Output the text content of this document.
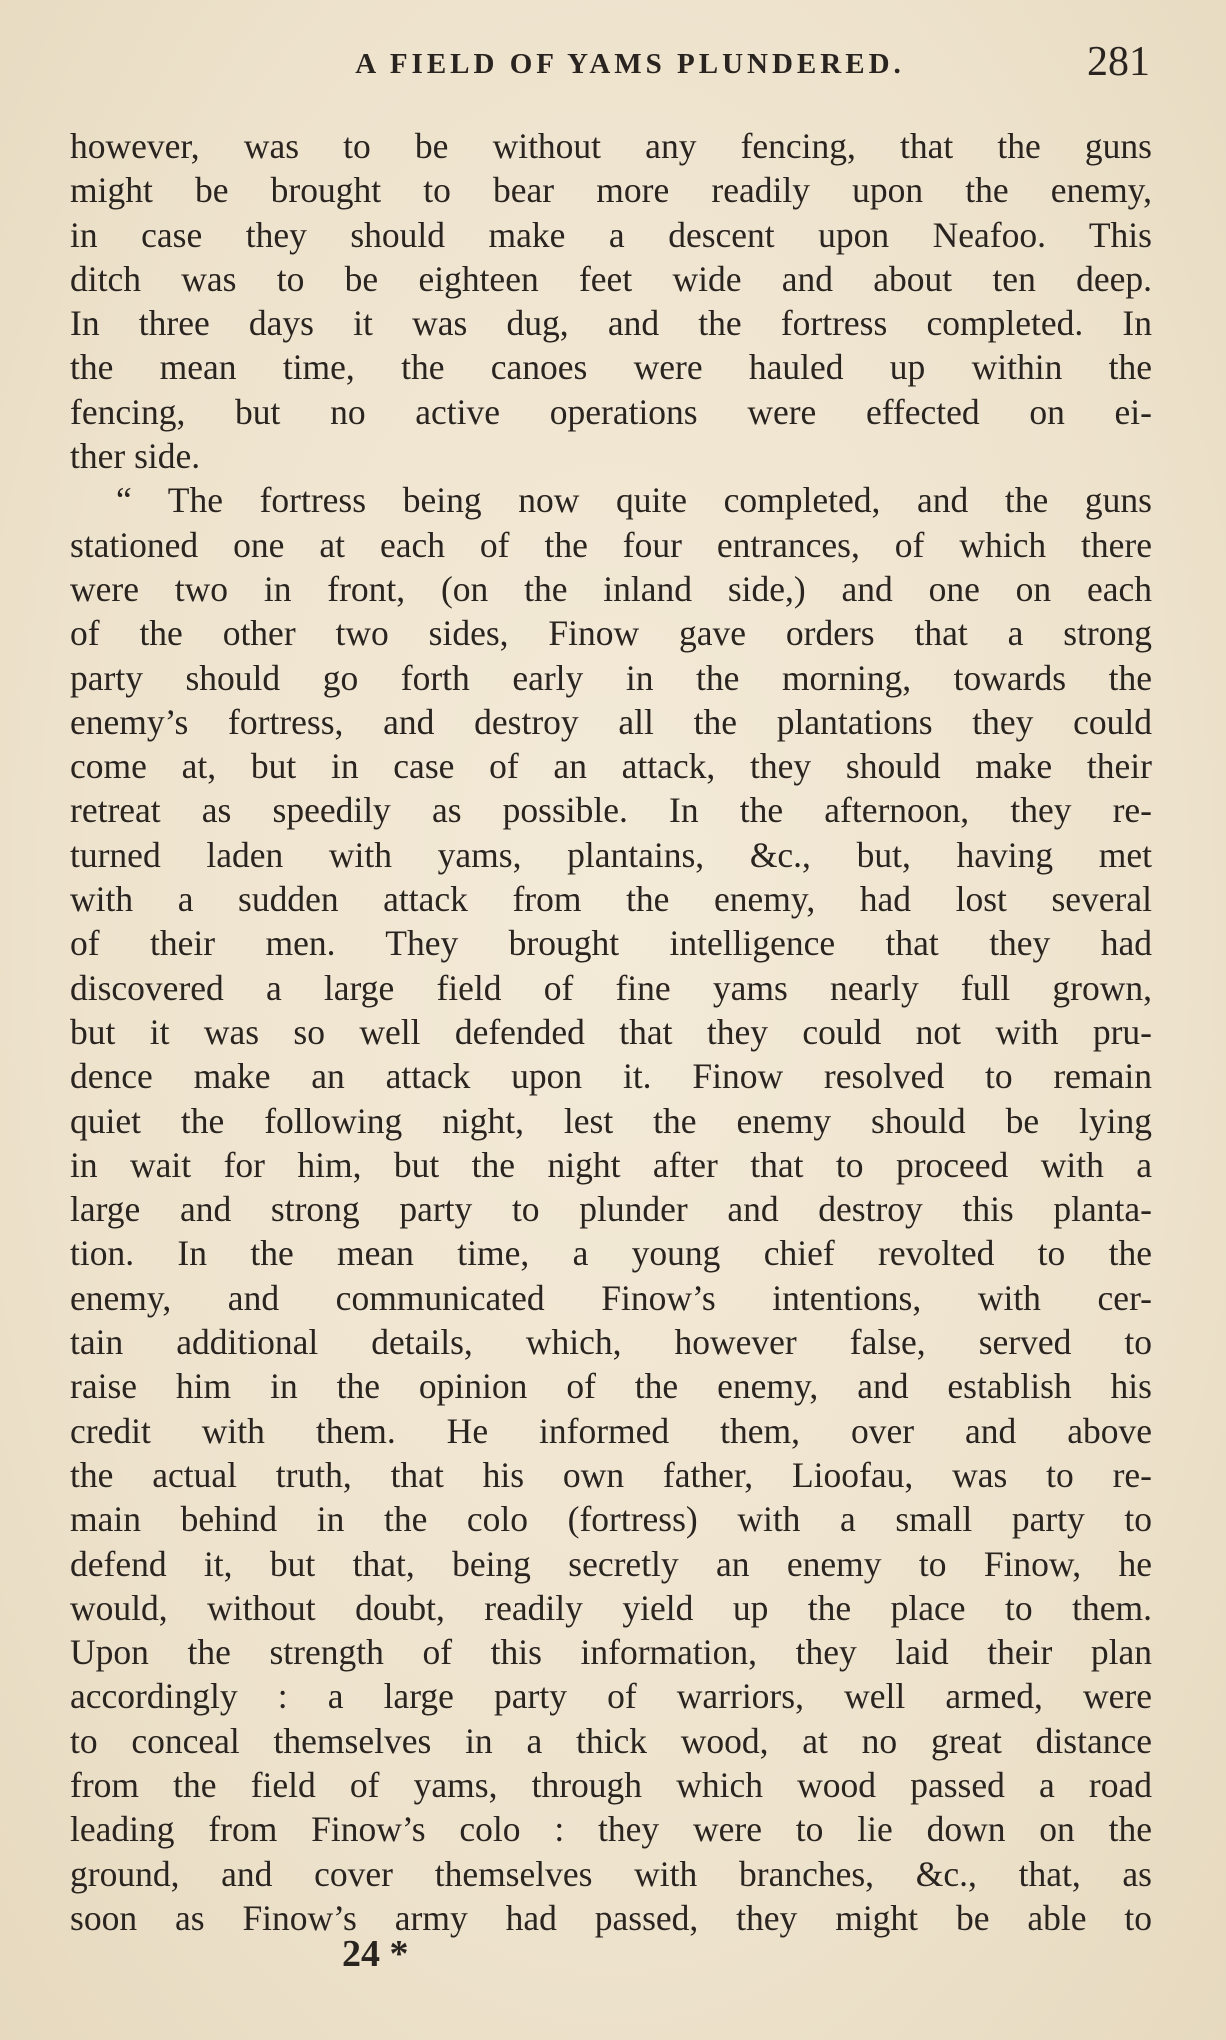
A FIELD OF YAMS PLUNDERED.	281
however, was to be without any fencing, that the guns
might be brought to bear more readily upon the enemy,
in case they should make a descent upon Neafoo. This
ditch was to be eighteen feet wide and about ten deep.
In three days it was dug, and the fortress completed. In
the mean time, the canoes were hauled up within the
fencing, but no active operations were effected on ei-
ther side.
“ The fortress being now quite completed, and the guns
stationed one at each of the four entrances, of which there
were two in front, (on the inland side,) and one on each
of the other two sides, Finow gave orders that a strong
party should go forth early in the morning, towards the
enemy’s fortress, and destroy all the plantations they could
come at, but in case of an attack, they should make their
retreat as speedily as possible. In the afternoon, they re-
turned laden with yams, plantains, &c., but, having met
with a sudden attack from the enemy, had lost several
of their men. They brought intelligence that they had
discovered a large field of fine yams nearly full grown,
but it was so well defended that they could not with pru-
dence make an attack upon it. Finow resolved to remain
quiet the following night, lest the enemy should be lying
in wait for him, but the night after that to proceed with a
large and strong party to plunder and destroy this planta-
tion. In the mean time, a young chief revolted to the
enemy, and communicated Finow’s intentions, with cer-
tain additional details, which, however false, served to
raise him in the opinion of the enemy, and establish his
credit with them. He informed them, over and above
the actual truth, that his own father, Lioofau, was to re-
main behind in the colo (fortress) with a small party to
defend it, but that, being secretly an enemy to Finow, he
would, without doubt, readily yield up the place to them.
Upon the strength of this information, they laid their plan
accordingly : a large party of warriors, well armed, were
to conceal themselves in a thick wood, at no great distance
from the field of yams, through which wood passed a road
leading from Finow’s colo : they were to lie down on the
ground, and cover themselves with branches, &c., that, as
soon as Finow’s army had passed, they might be able to
24 *
